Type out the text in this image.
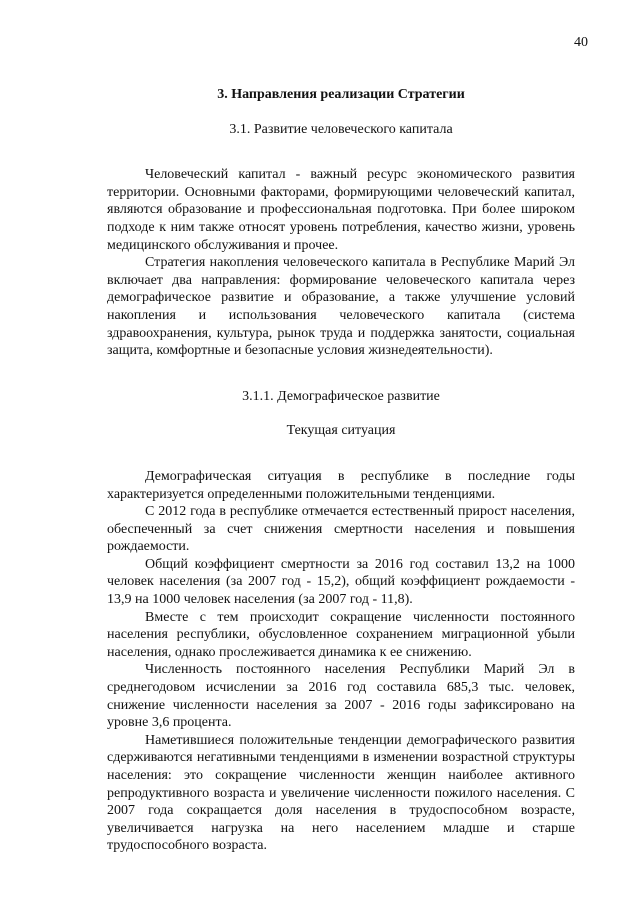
40
3. Направления реализации Стратегии
3.1. Развитие человеческого капитала
Человеческий капитал - важный ресурс экономического развития территории. Основными факторами, формирующими человеческий капитал, являются образование и профессиональная подготовка. При более широком подходе к ним также относят уровень потребления, качество жизни, уровень медицинского обслуживания и прочее.
Стратегия накопления человеческого капитала в Республике Марий Эл включает два направления: формирование человеческого капитала через демографическое развитие и образование, а также улучшение условий накопления и использования человеческого капитала (система здравоохранения, культура, рынок труда и поддержка занятости, социальная защита, комфортные и безопасные условия жизнедеятельности).
3.1.1. Демографическое развитие
Текущая ситуация
Демографическая ситуация в республике в последние годы характеризуется определенными положительными тенденциями.
С 2012 года в республике отмечается естественный прирост населения, обеспеченный за счет снижения смертности населения и повышения рождаемости.
Общий коэффициент смертности за 2016 год составил 13,2 на 1000 человек населения (за 2007 год - 15,2), общий коэффициент рождаемости - 13,9 на 1000 человек населения (за 2007 год - 11,8).
Вместе с тем происходит сокращение численности постоянного населения республики, обусловленное сохранением миграционной убыли населения, однако прослеживается динамика к ее снижению.
Численность постоянного населения Республики Марий Эл в среднегодовом исчислении за 2016 год составила 685,3 тыс. человек, снижение численности населения за 2007 - 2016 годы зафиксировано на уровне 3,6 процента.
Наметившиеся положительные тенденции демографического развития сдерживаются негативными тенденциями в изменении возрастной структуры населения: это сокращение численности женщин наиболее активного репродуктивного возраста и увеличение численности пожилого населения. С 2007 года сокращается доля населения в трудоспособном возрасте, увеличивается нагрузка на него населением младше и старше трудоспособного возраста.
